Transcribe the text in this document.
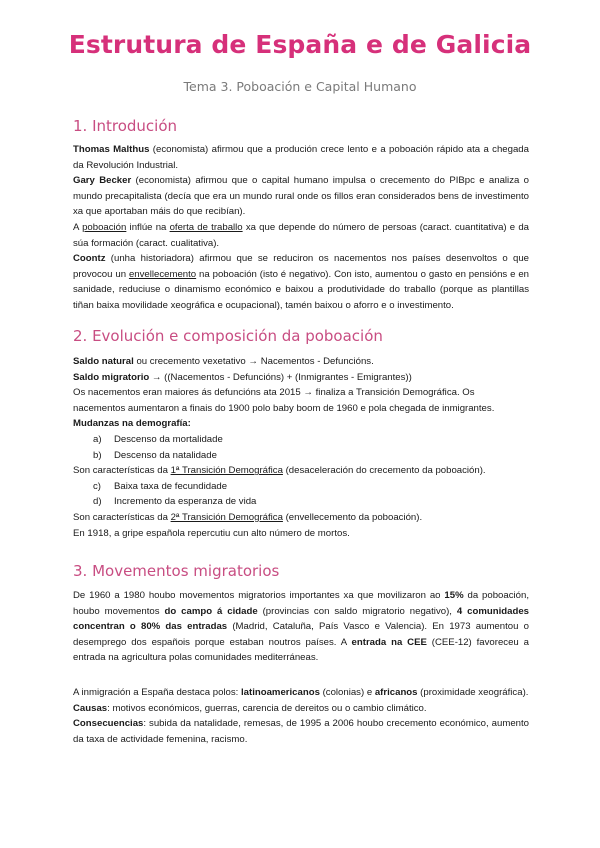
Estrutura de España e de Galicia
Tema 3. Poboación e Capital Humano
1. Introdución

Thomas Malthus (economista) afirmou que a produción crece lento e a poboación rápido ata a chegada da Revolución Industrial.

Gary Becker (economista) afirmou que o capital humano impulsa o crecemento do PIBpc e analiza o mundo precapitalista (decía que era un mundo rural onde os fillos eran considerados bens de investimento xa que aportaban máis do que recibían).

A poboación inflúe na oferta de traballo xa que depende do número de persoas (caract. cuantitativa) e da súa formación (caract. cualitativa).

Coontz (unha historiadora) afirmou que se reduciron os nacementos nos países desenvoltos o que provocou un envellecemento na poboación (isto é negativo). Con isto, aumentou o gasto en pensións e en sanidade, reduciuse o dinamismo económico e baixou a produtividade do traballo (porque as plantillas tiñan baixa movilidade xeográfica e ocupacional), tamén baixou o aforro e o investimento.

2. Evolución e composición da poboación

Saldo natural ou crecemento vexetativo → Nacementos - Defuncións.

Saldo migratorio → ((Nacementos - Defuncións) + (Inmigrantes - Emigrantes))

Os nacementos eran maiores ás defuncións ata 2015 → finaliza a Transición Demográfica. Os nacementos aumentaron a finais do 1900 polo baby boom de 1960 e pola chegada de inmigrantes.

Mudanzas na demografía:

a) Descenso da mortalidade

b) Descenso da natalidade

Son características da 1ª Transición Demográfica (desaceleración do crecemento da poboación).

c) Baixa taxa de fecundidade

d) Incremento da esperanza de vida

Son características da 2ª Transición Demográfica (envellecemento da poboación).

En 1918, a gripe española repercutiu cun alto número de mortos.

3. Movementos migratorios

De 1960 a 1980 houbo movementos migratorios importantes xa que movilizaron ao 15% da poboación, houbo movementos do campo á cidade (provincias con saldo migratorio negativo), 4 comunidades concentran o 80% das entradas (Madrid, Cataluña, País Vasco e Valencia). En 1973 aumentou o desemprego dos españois porque estaban noutros países. A entrada na CEE (CEE-12) favoreceu a entrada na agricultura polas comunidades mediterráneas.

A inmigración a España destaca polos: latinoamericanos (colonias) e africanos (proximidade xeográfica).

Causas: motivos económicos, guerras, carencia de dereitos ou o cambio climático.

Consecuencias: subida da natalidade, remesas, de 1995 a 2006 houbo crecemento económico, aumento da taxa de actividade femenina, racismo.
